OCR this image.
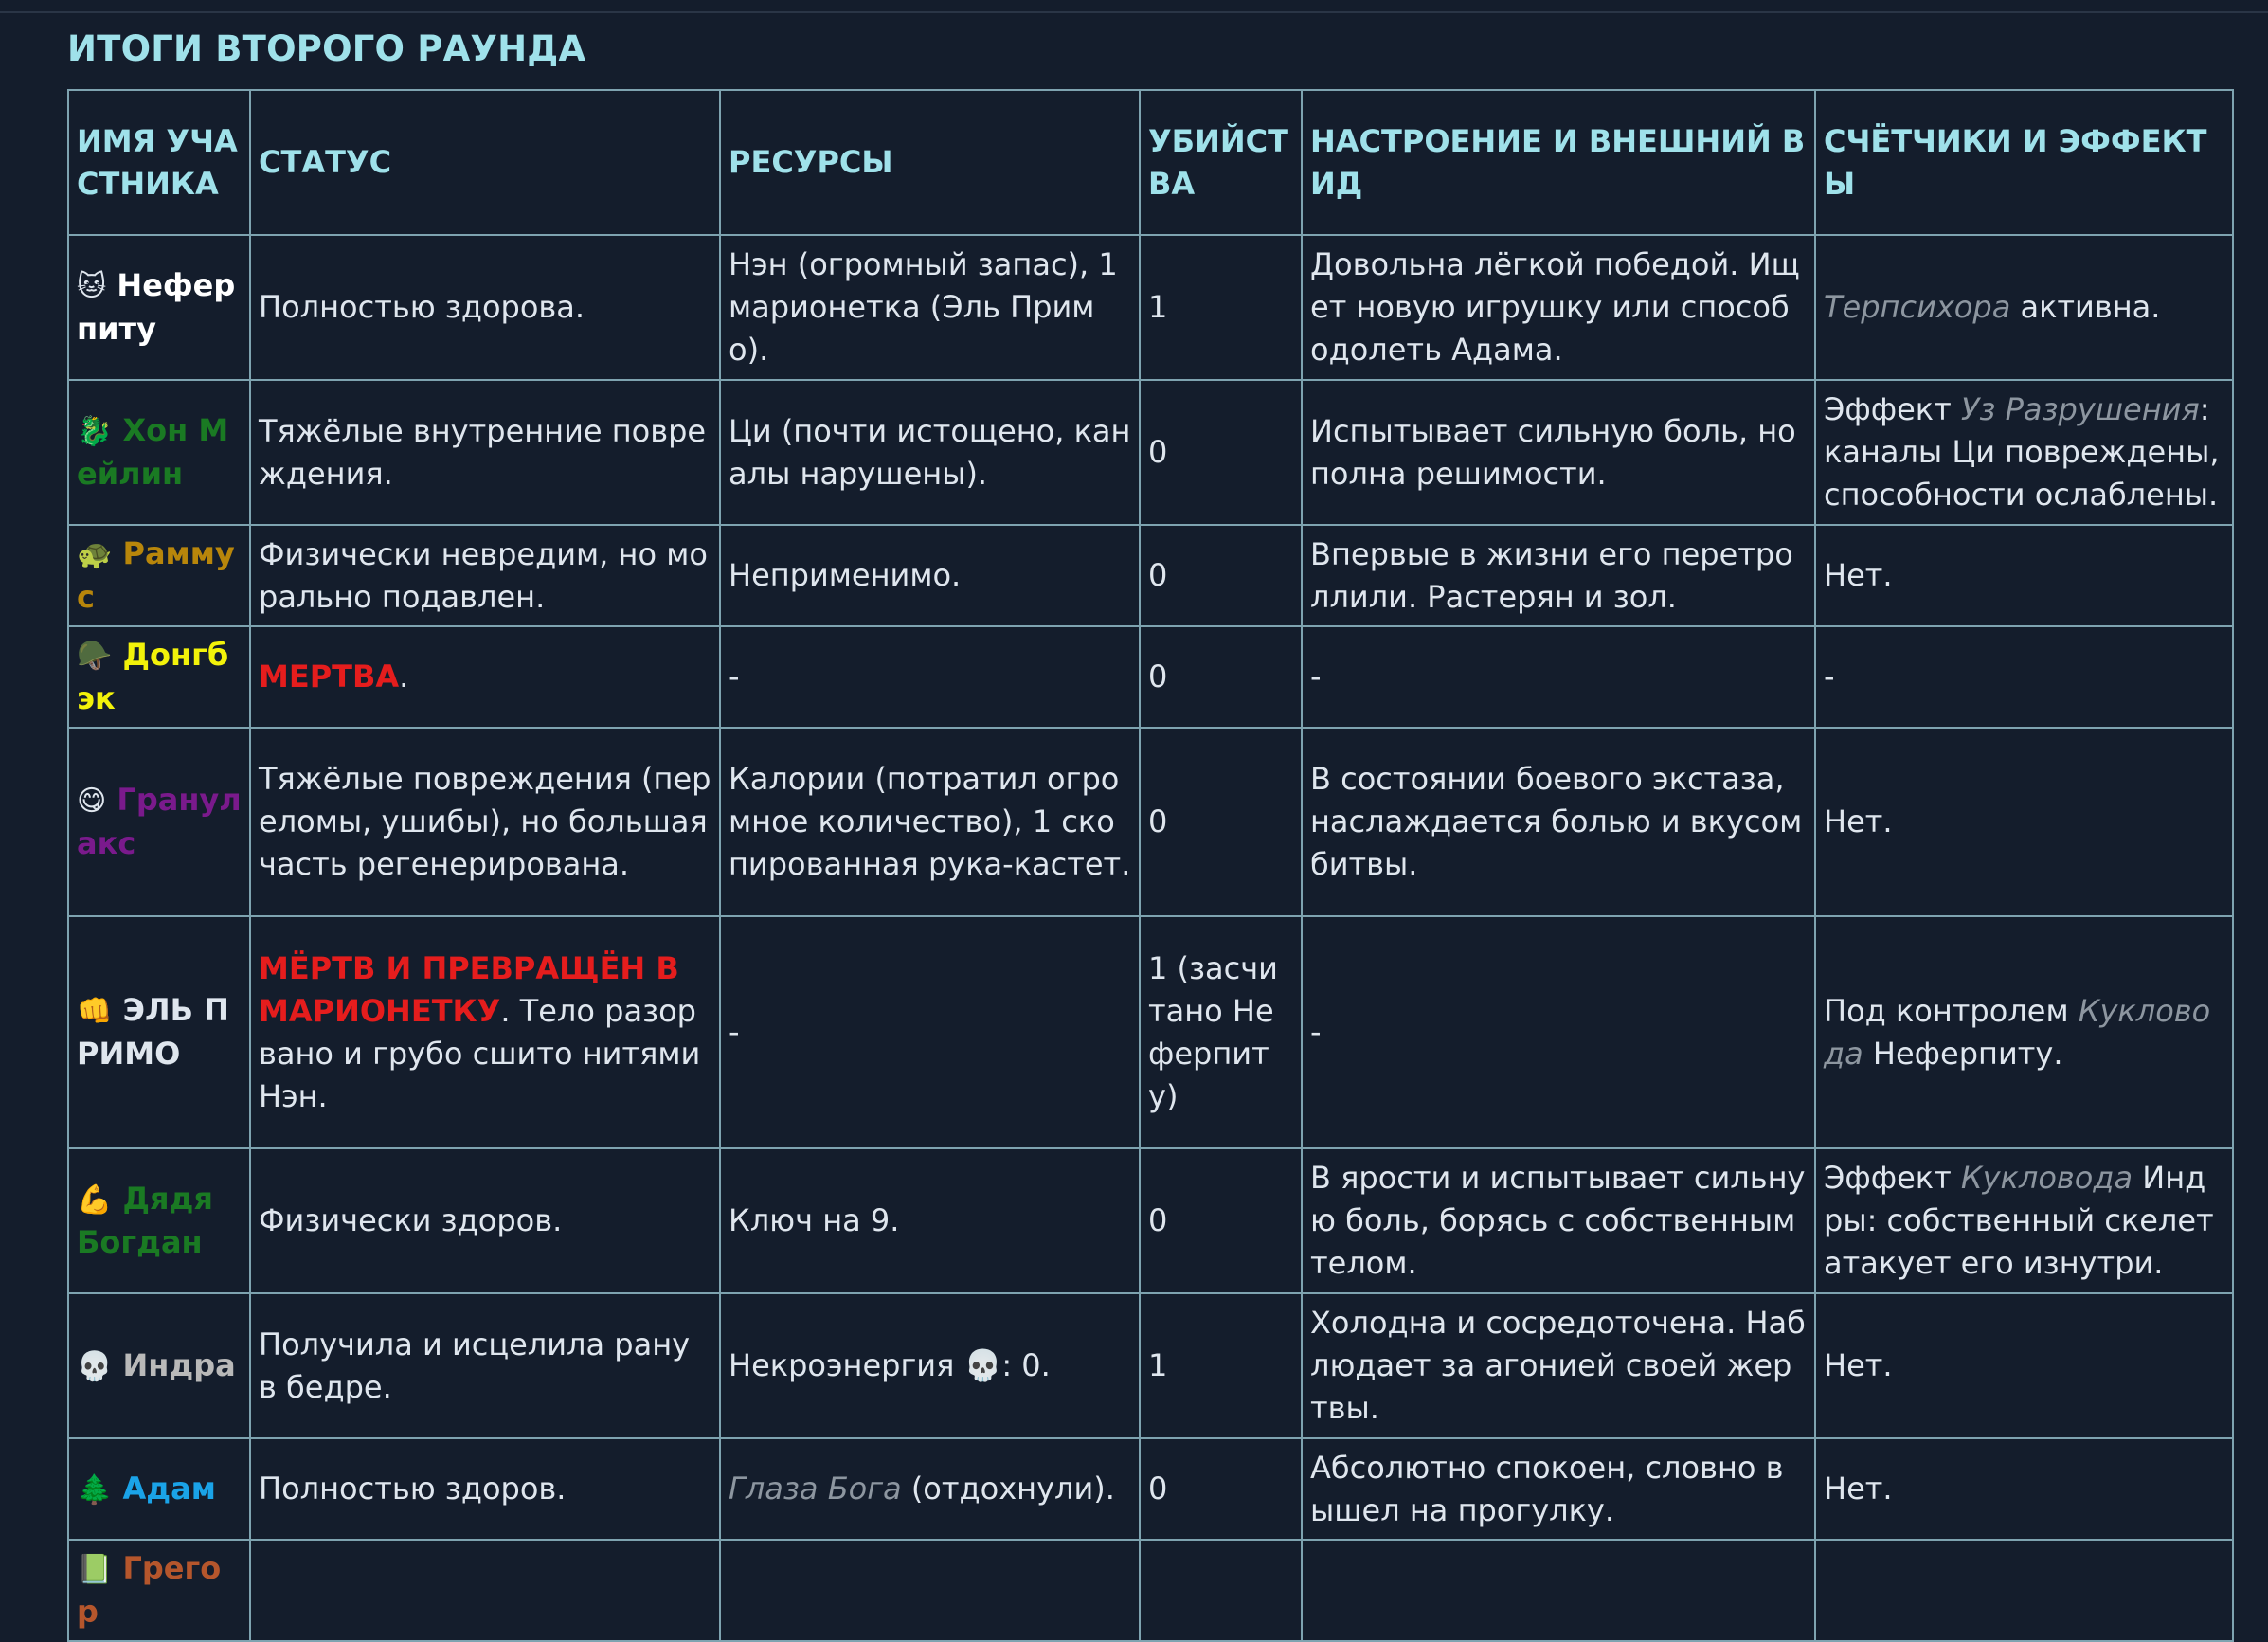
ИТОГИ ВТОРОГО РАУНДА
ИМЯ УЧАСТНИКА	СТАТУС	РЕСУРСЫ	УБИЙСТВА	НАСТРОЕНИЕ И ВНЕШНИЙ ВИД	СЧЁТЧИКИ И ЭФФЕКТЫ
🐱 Неферпиту	Полностью здорова.	Нэн (огромный запас), 1 марионетка (Эль Примо).	1	Довольна лёгкой победой. Ищет новую игрушку или способ одолеть Адама.	Терпсихора активна.
🐉 Хон Мейлин	Тяжёлые внутренние повреждения.	Ци (почти истощено, каналы нарушены).	0	Испытывает сильную боль, но полна решимости.	Эффект Уз Разрушения: каналы Ци повреждены, способности ослаблены.
🐢 Раммус	Физически невредим, но морально подавлен.	Неприменимо.	0	Впервые в жизни его перетроллили. Растерян и зол.	Нет.
🪖 Донгбэк	МЕРТВА.	-	0	-	-
😋 Гранулакс	Тяжёлые повреждения (переломы, ушибы), но большая часть регенерирована.	Калории (потратил огромное количество), 1 скопированная рука-кастет.	0	В состоянии боевого экстаза, наслаждается болью и вкусом битвы.	Нет.
👊 ЭЛЬ ПРИМО	МЁРТВ И ПРЕВРАЩЁН В МАРИОНЕТКУ. Тело разорвано и грубо сшито нитями Нэн.	-	1 (засчитано Неферпиту)	-	Под контролем Кукловода Неферпиту.
💪 Дядя Богдан	Физически здоров.	Ключ на 9.	0	В ярости и испытывает сильную боль, борясь с собственным телом.	Эффект Кукловода Индры: собственный скелет атакует его изнутри.
💀 Индра	Получила и исцелила рану в бедре.	Некроэнергия 💀: 0.	1	Холодна и сосредоточена. Наблюдает за агонией своей жертвы.	Нет.
🌲 Адам	Полностью здоров.	Глаза Бога (отдохнули).	0	Абсолютно спокоен, словно вышел на прогулку.	Нет.
📗 Грегор					
